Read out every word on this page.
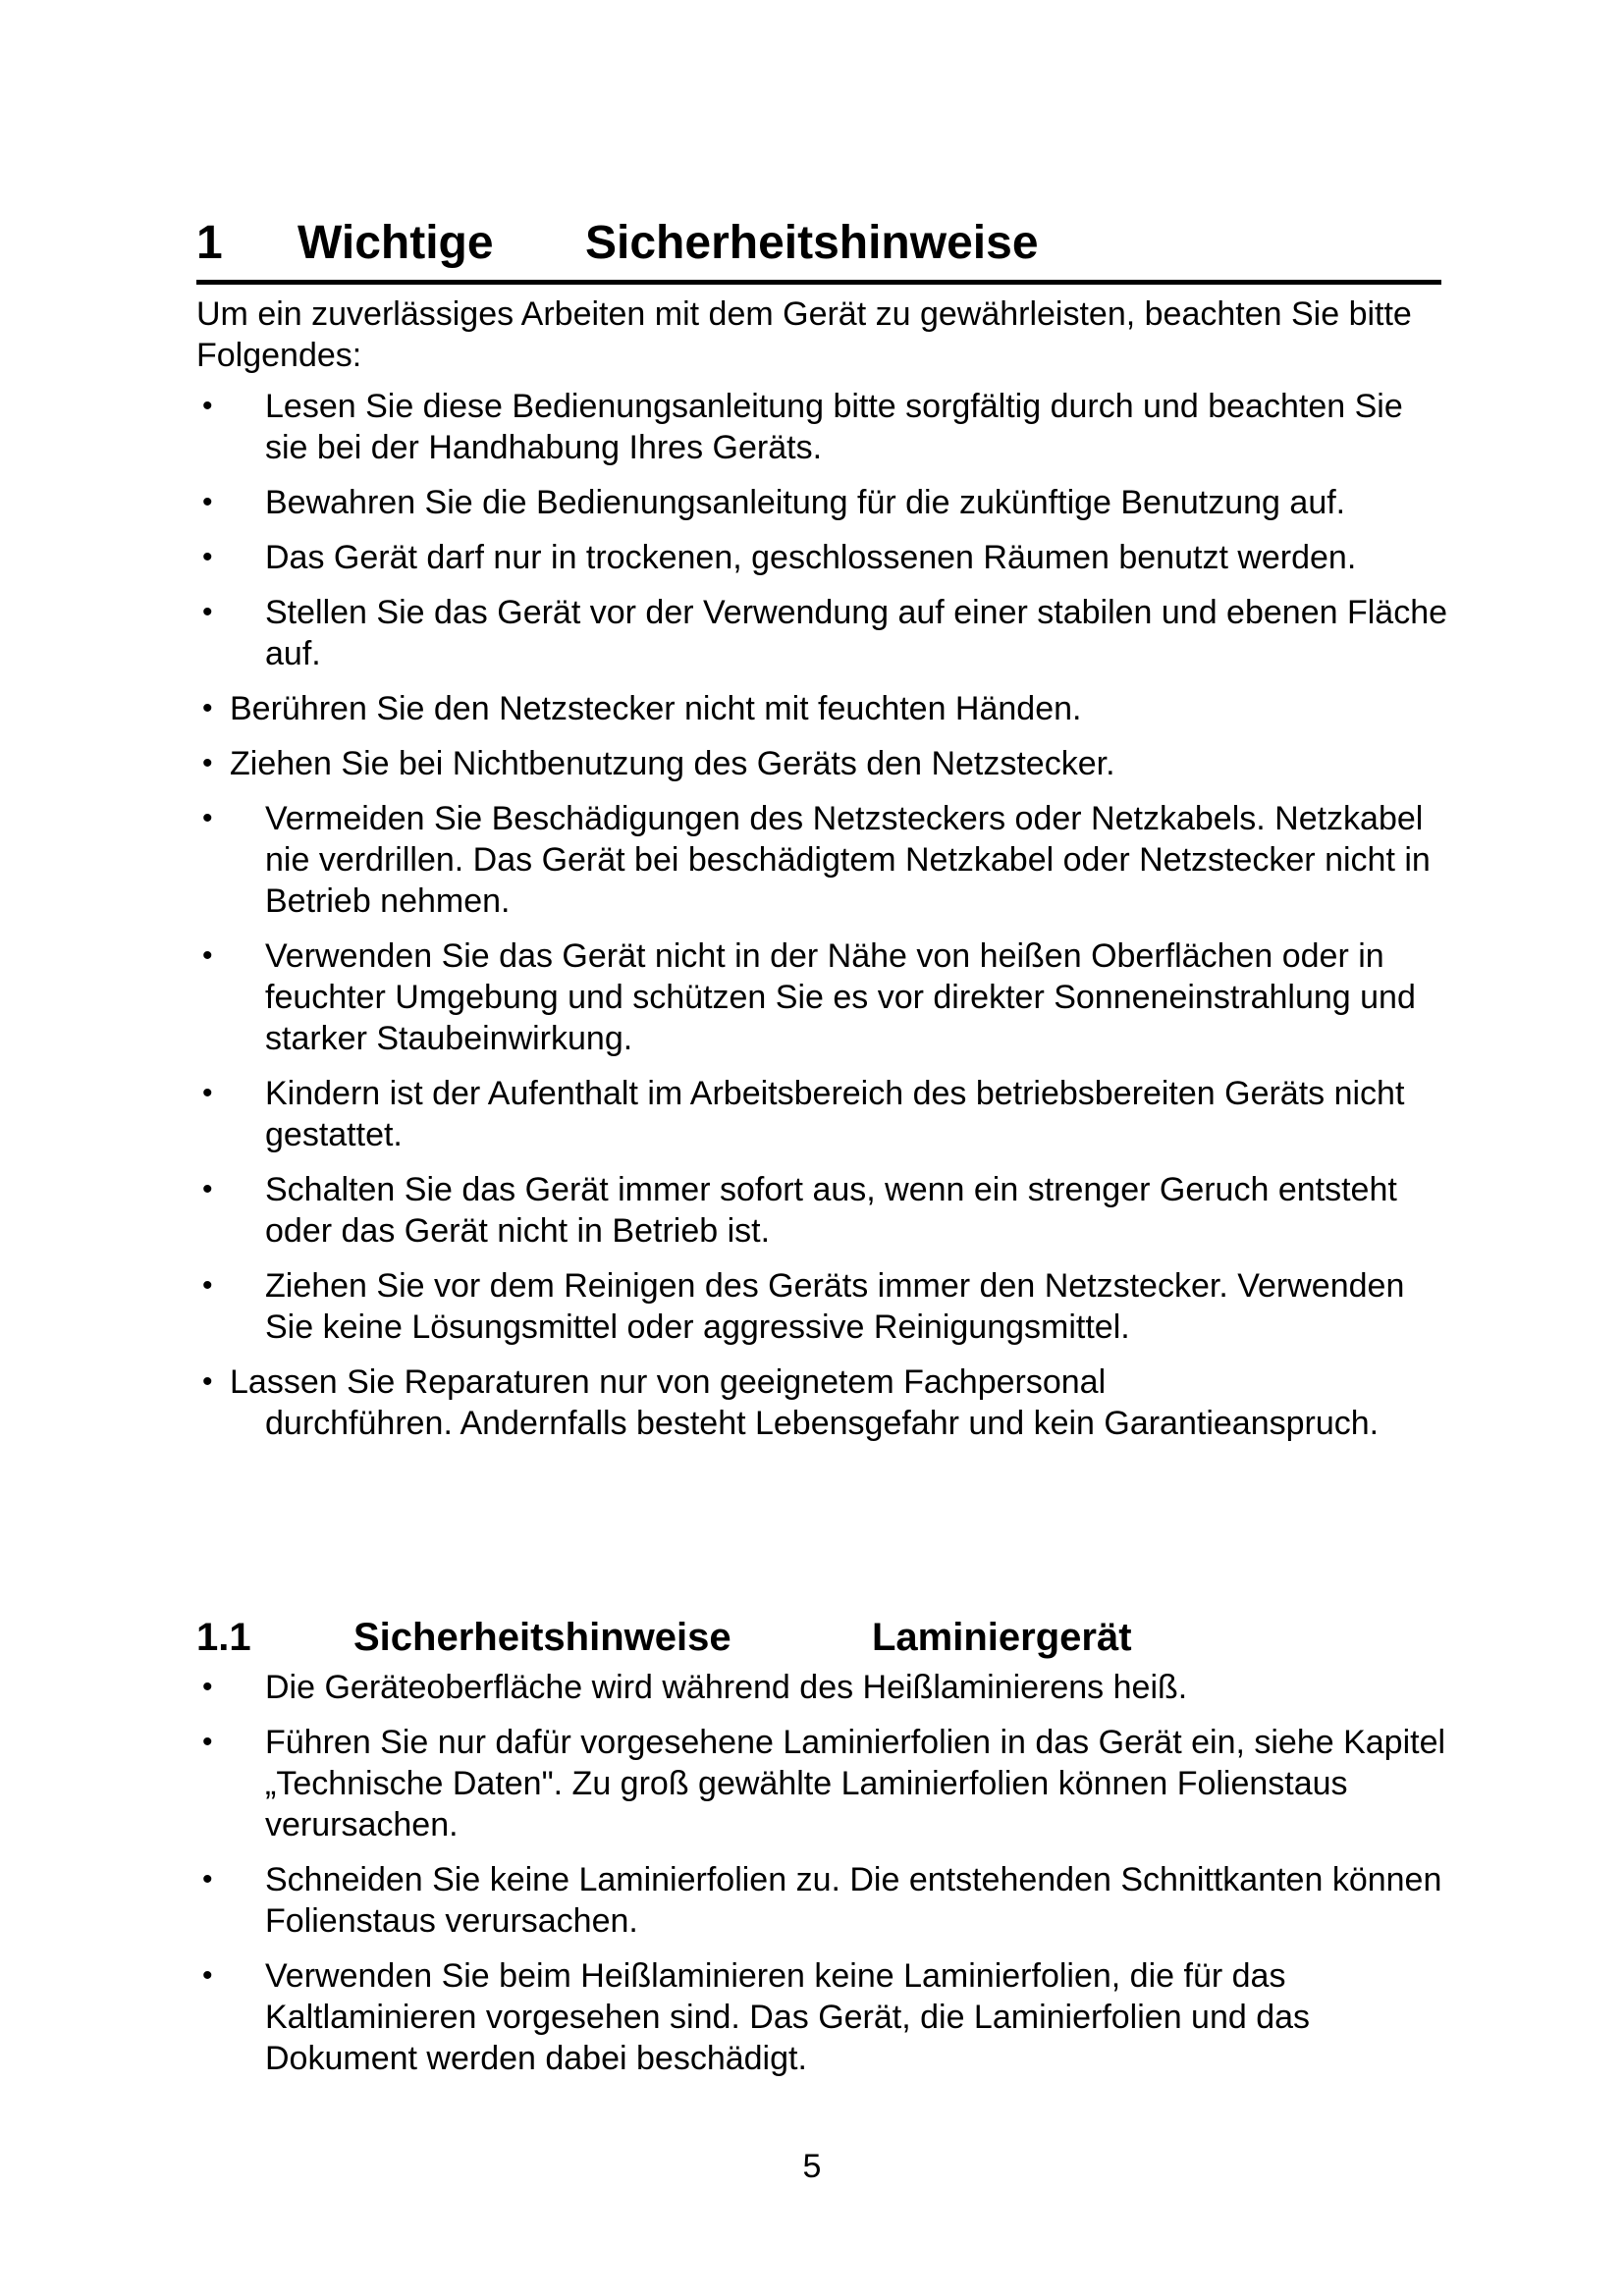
1 Wichtige Sicherheitshinweise

Um ein zuverlässiges Arbeiten mit dem Gerät zu gewährleisten, beachten Sie bitte Folgendes:

• Lesen Sie diese Bedienungsanleitung bitte sorgfältig durch und beachten Sie sie bei der Handhabung Ihres Geräts.
• Bewahren Sie die Bedienungsanleitung für die zukünftige Benutzung auf.
• Das Gerät darf nur in trockenen, geschlossenen Räumen benutzt werden.
• Stellen Sie das Gerät vor der Verwendung auf einer stabilen und ebenen Fläche auf.
• Berühren Sie den Netzstecker nicht mit feuchten Händen.
• Ziehen Sie bei Nichtbenutzung des Geräts den Netzstecker.
• Vermeiden Sie Beschädigungen des Netzsteckers oder Netzkabels. Netzkabel nie verdrillen. Das Gerät bei beschädigtem Netzkabel oder Netzstecker nicht in Betrieb nehmen.
• Verwenden Sie das Gerät nicht in der Nähe von heißen Oberflächen oder in feuchter Umgebung und schützen Sie es vor direkter Sonneneinstrahlung und starker Staubeinwirkung.
• Kindern ist der Aufenthalt im Arbeitsbereich des betriebsbereiten Geräts nicht gestattet.
• Schalten Sie das Gerät immer sofort aus, wenn ein strenger Geruch entsteht oder das Gerät nicht in Betrieb ist.
• Ziehen Sie vor dem Reinigen des Geräts immer den Netzstecker. Verwenden Sie keine Lösungsmittel oder aggressive Reinigungsmittel.
• Lassen Sie Reparaturen nur von geeignetem Fachpersonal
durchführen. Andernfalls besteht Lebensgefahr und kein Garantieanspruch.
1.1	Sicherheitshinweise	Laminiergerät
• Die Geräteoberfläche wird während des Heißlaminierens heiß.
• Führen Sie nur dafür vorgesehene Laminierfolien in das Gerät ein, siehe Kapitel „Technische Daten". Zu groß gewählte Laminierfolien können Folienstaus verursachen.
• Schneiden Sie keine Laminierfolien zu. Die entstehenden Schnittkanten können Folienstaus verursachen.
• Verwenden Sie beim Heißlaminieren keine Laminierfolien, die für das Kaltlaminieren vorgesehen sind. Das Gerät, die Laminierfolien und das Dokument werden dabei beschädigt.
5
